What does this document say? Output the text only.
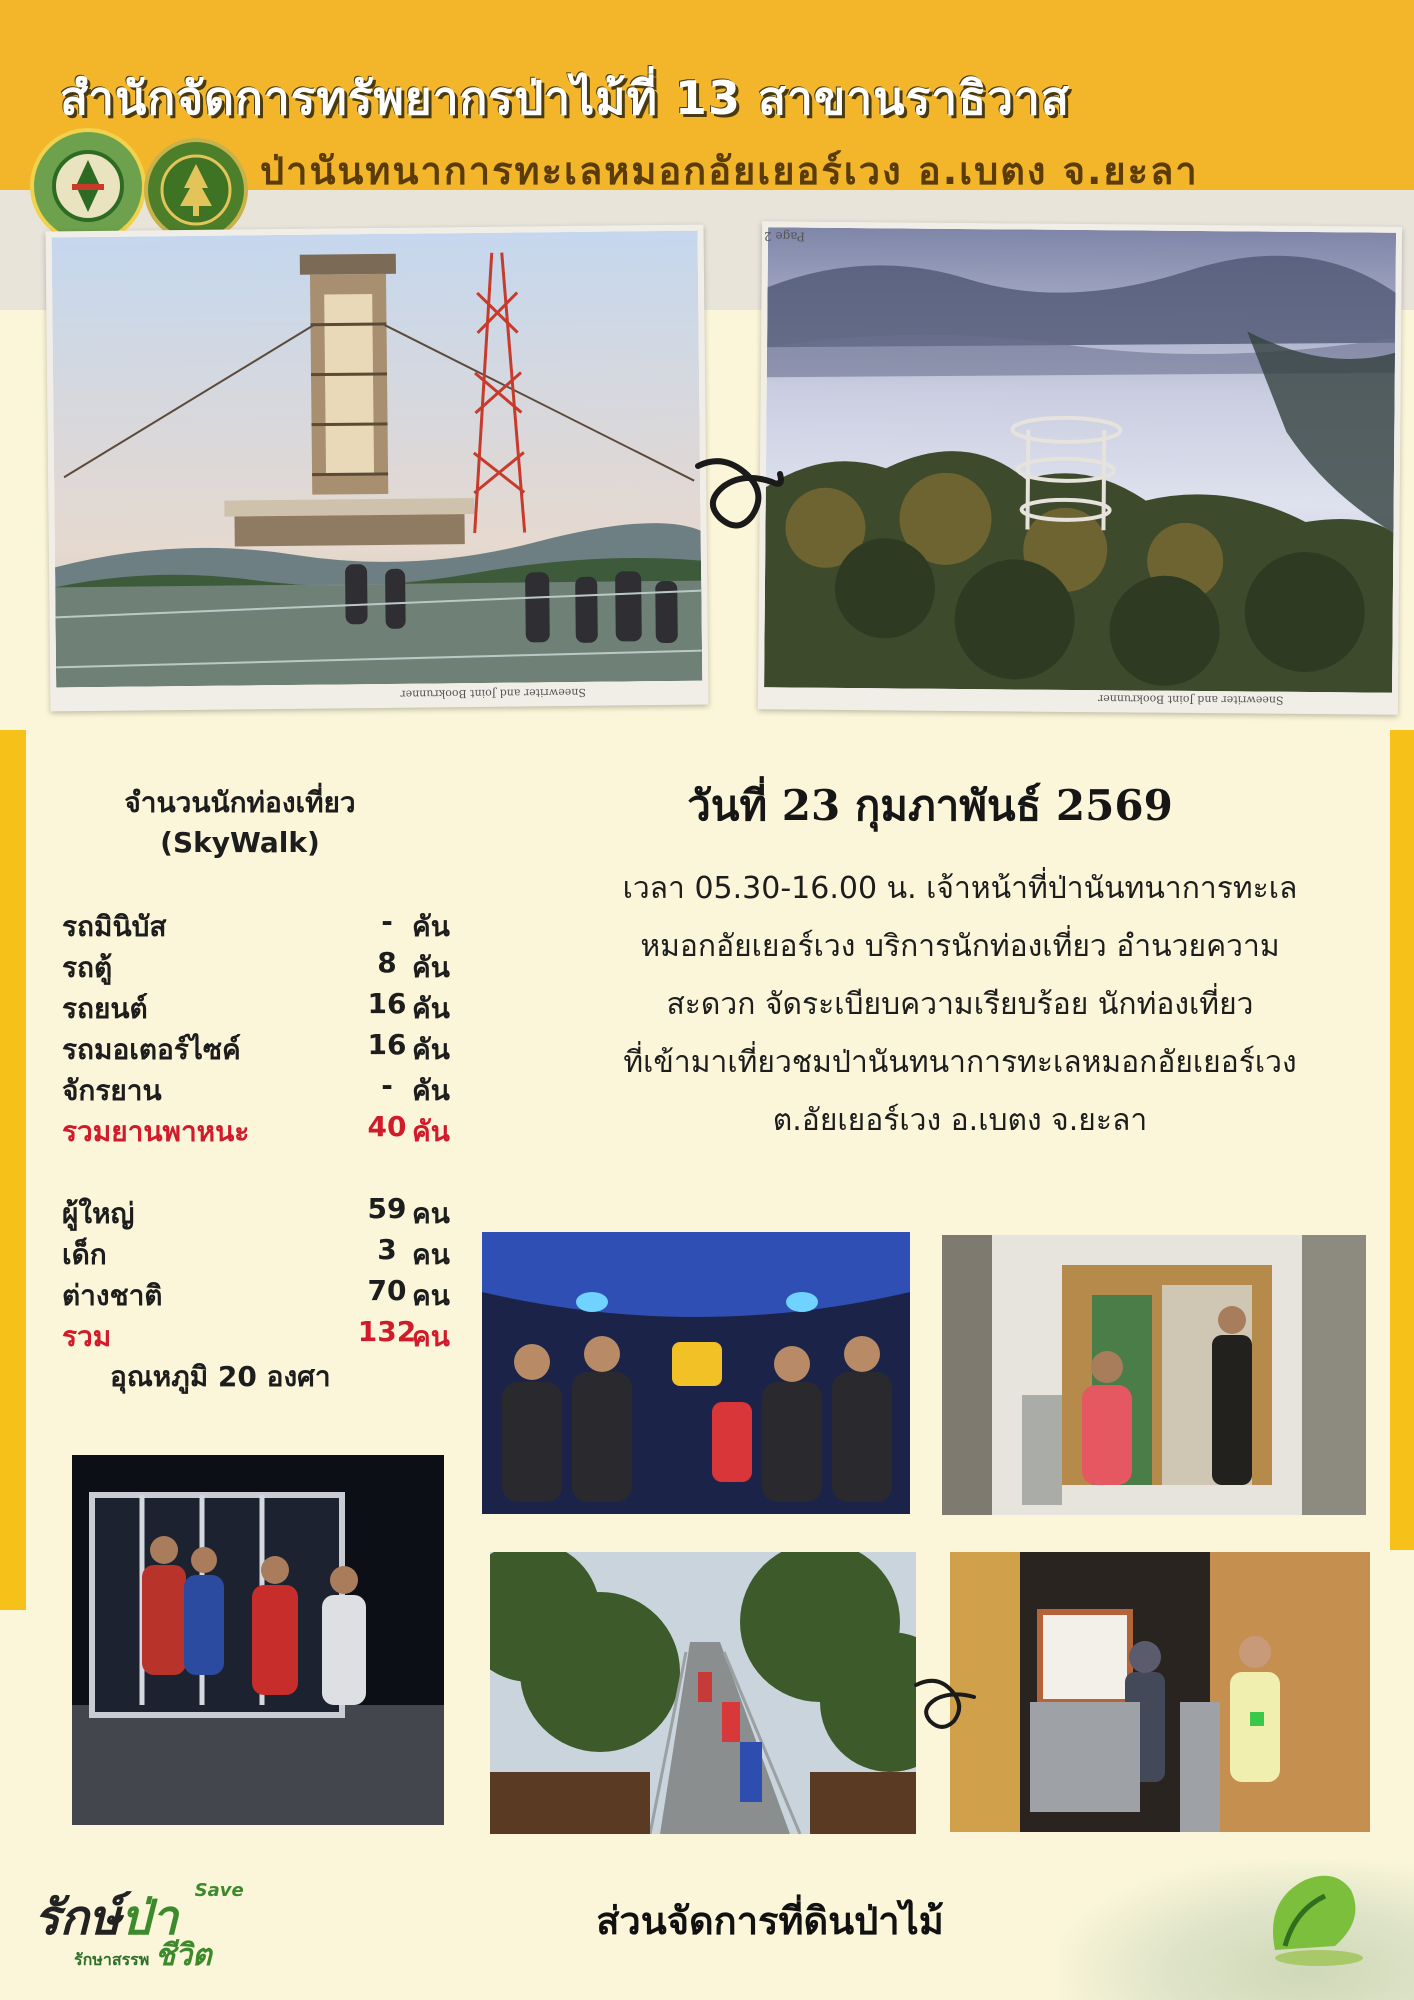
สำนักจัดการทรัพยากรป่าไม้ที่ 13 สาขานราธิวาส
ป่านันทนาการทะเลหมอกอัยเยอร์เวง อ.เบตง จ.ยะลา
Sneewriter and Joint Bookrunner	Sneewriter and Joint Bookrunner
Page 2
จำนวนนักท่องเที่ยว
(SkyWalk)
รถมินิบัส	- คัน
รถตู้	8 คัน
รถยนต์	16 คัน
รถมอเตอร์ไซค์	16 คัน
จักรยาน	- คัน
รวมยานพาหนะ	40 คัน
ผู้ใหญ่	59 คน
เด็ก	3 คน
ต่างชาติ	70 คน
รวม	132
คน
อุณหภูมิ 20 องศา
วันที่ 23 กุมภาพันธ์ 2569
เวลา 05.30-16.00 น. เจ้าหน้าที่ป่านันทนาการทะเล
หมอกอัยเยอร์เวง บริการนักท่องเที่ยว อำนวยความ
สะดวก จัดระเบียบความเรียบร้อย นักท่องเที่ยว
ที่เข้ามาเที่ยวชมป่านันทนาการทะเลหมอกอัยเยอร์เวง
ต.อัยเยอร์เวง อ.เบตง จ.ยะลา
รักษ์ป่า $^{Save}$
รักษาสรรพ ชีวิต
ส่วนจัดการที่ดินป่าไม้
